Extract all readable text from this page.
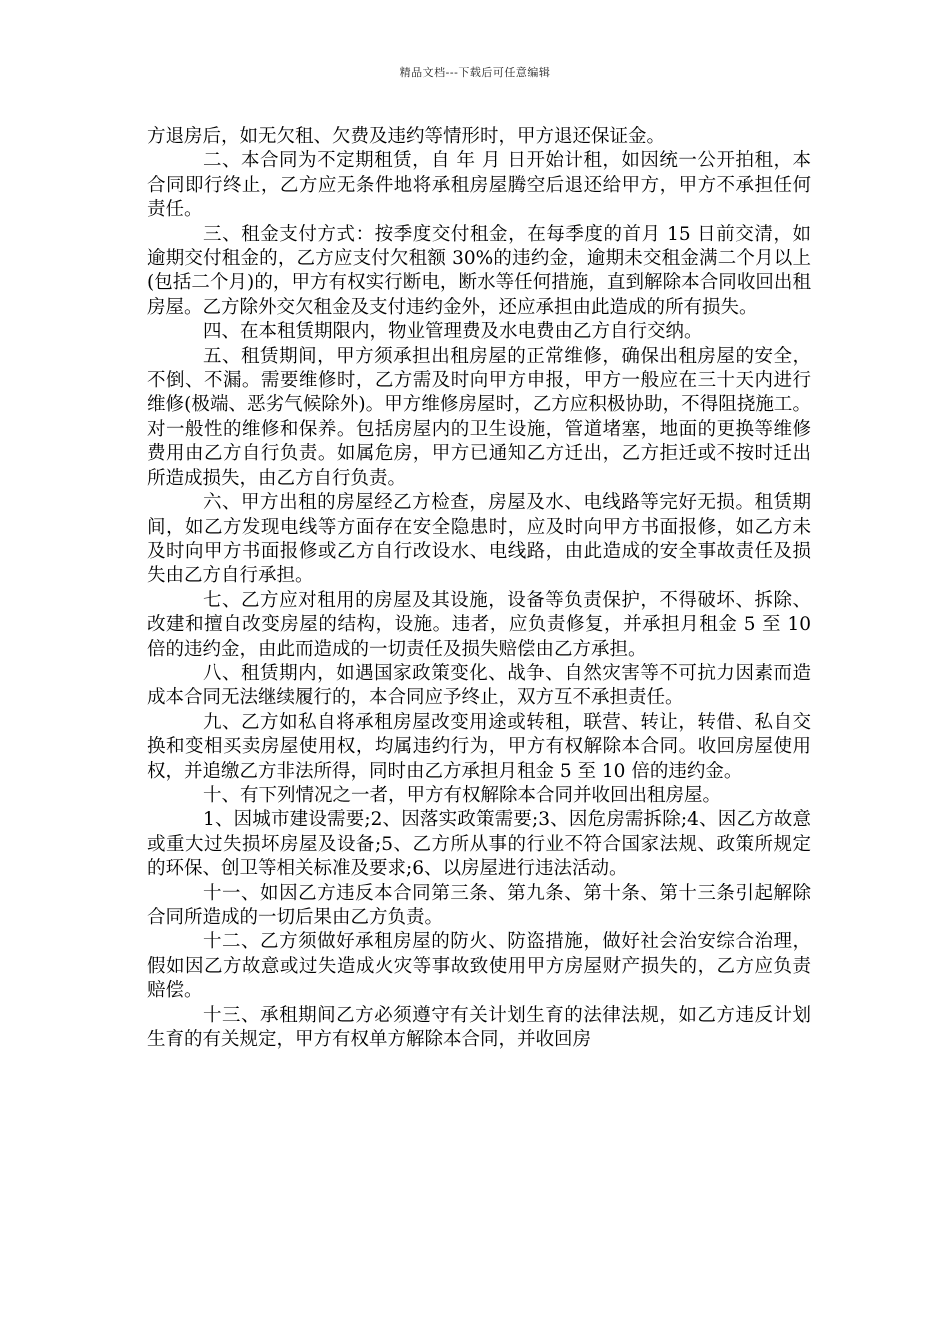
精品文档---下载后可任意编辑

方退房后，如无欠租、欠费及违约等情形时，甲方退还保证金。

二、本合同为不定期租赁，自 年 月 日开始计租，如因统一公开拍租，本合同即行终止，乙方应无条件地将承租房屋腾空后退还给甲方，甲方不承担任何责任。

三、租金支付方式：按季度交付租金，在每季度的首月 15 日前交清，如逾期交付租金的，乙方应支付欠租额 30%的违约金，逾期未交租金满二个月以上(包括二个月)的，甲方有权实行断电，断水等任何措施，直到解除本合同收回出租房屋。乙方除外交欠租金及支付违约金外，还应承担由此造成的所有损失。

四、在本租赁期限内，物业管理费及水电费由乙方自行交纳。

五、租赁期间，甲方须承担出租房屋的正常维修，确保出租房屋的安全，不倒、不漏。需要维修时，乙方需及时向甲方申报，甲方一般应在三十天内进行维修(极端、恶劣气候除外)。甲方维修房屋时，乙方应积极协助，不得阻挠施工。对一般性的维修和保养。包括房屋内的卫生设施，管道堵塞，地面的更换等维修费用由乙方自行负责。如属危房，甲方已通知乙方迁出，乙方拒迁或不按时迁出所造成损失，由乙方自行负责。

六、甲方出租的房屋经乙方检查，房屋及水、电线路等完好无损。租赁期间，如乙方发现电线等方面存在安全隐患时，应及时向甲方书面报修，如乙方未及时向甲方书面报修或乙方自行改设水、电线路，由此造成的安全事故责任及损失由乙方自行承担。

七、乙方应对租用的房屋及其设施，设备等负责保护，不得破坏、拆除、改建和擅自改变房屋的结构，设施。违者，应负责修复，并承担月租金 5 至 10 倍的违约金，由此而造成的一切责任及损失赔偿由乙方承担。

八、租赁期内，如遇国家政策变化、战争、自然灾害等不可抗力因素而造成本合同无法继续履行的，本合同应予终止，双方互不承担责任。

九、乙方如私自将承租房屋改变用途或转租，联营、转让，转借、私自交换和变相买卖房屋使用权，均属违约行为，甲方有权解除本合同。收回房屋使用权，并追缴乙方非法所得，同时由乙方承担月租金 5 至 10 倍的违约金。

十、有下列情况之一者，甲方有权解除本合同并收回出租房屋。

1、因城市建设需要;2、因落实政策需要;3、因危房需拆除;4、因乙方故意或重大过失损坏房屋及设备;5、乙方所从事的行业不符合国家法规、政策所规定的环保、创卫等相关标准及要求;6、以房屋进行违法活动。

十一、如因乙方违反本合同第三条、第九条、第十条、第十三条引起解除合同所造成的一切后果由乙方负责。

十二、乙方须做好承租房屋的防火、防盗措施，做好社会治安综合治理，假如因乙方故意或过失造成火灾等事故致使用甲方房屋财产损失的，乙方应负责赔偿。

十三、承租期间乙方必须遵守有关计划生育的法律法规，如乙方违反计划生育的有关规定，甲方有权单方解除本合同，并收回房
